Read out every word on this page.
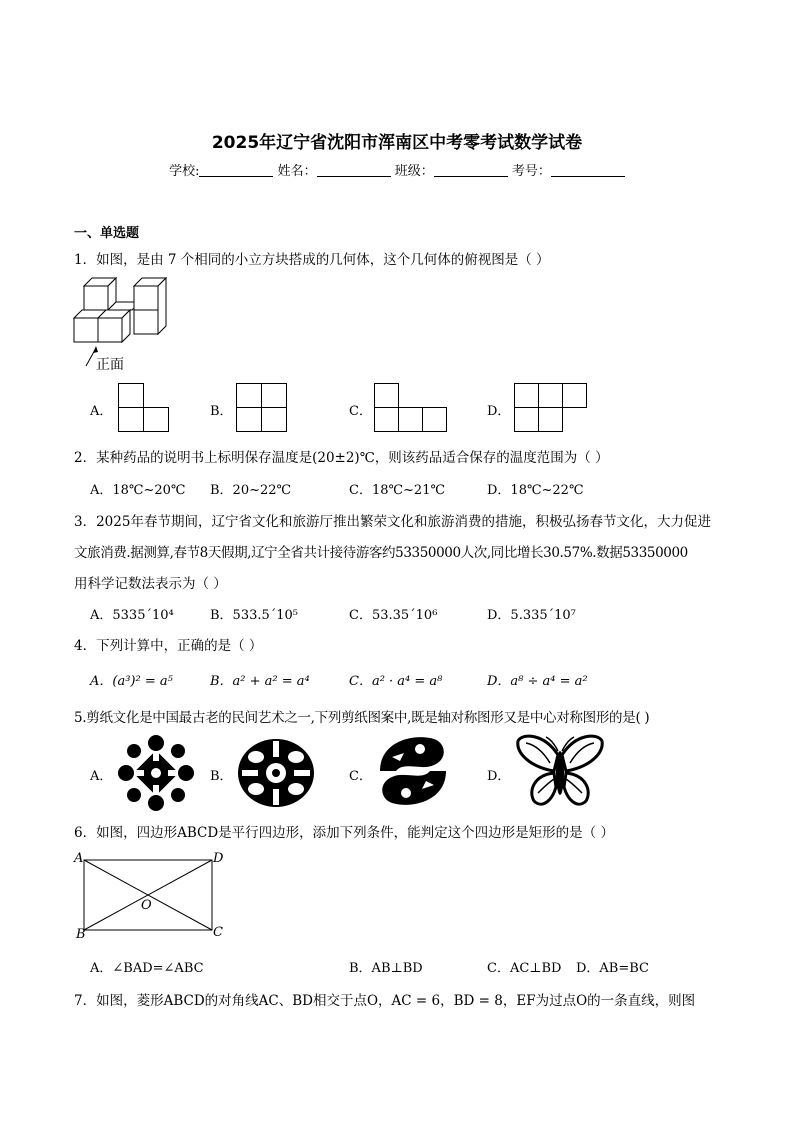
2025年辽宁省沈阳市浑南区中考零考试数学试卷
学校:	姓名：	班级：	考号：
一、单选题
1．如图，是由 7 个相同的小立方块搭成的几何体，这个几何体的俯视图是（ ）
正面
A．	B．	C．	D．
2．某种药品的说明书上标明保存温度是(20±2)℃，则该药品适合保存的温度范围为（ ）
A．18℃~20℃ B．20~22℃	C．18℃~21℃	D．18℃~22℃
3．2025年春节期间，辽宁省文化和旅游厅推出繁荣文化和旅游消费的措施，积极弘扬春节文化，大力促进
文旅消费.据测算,春节8天假期,辽宁全省共计接待游客约53350000人次,同比增长30.57%.数据53350000
用科学记数法表示为（ ）
A．5335´10⁴	B．533.5´10⁵	C．53.35´10⁶	D．5.335´10⁷
4．下列计算中，正确的是（ ）
A．(a³)² = a⁵	B．a² + a² = a⁴	C．a² · a⁴ = a⁸	D．a⁸ ÷ a⁴ = a²
5.剪纸文化是中国最古老的民间艺术之一,下列剪纸图案中,既是轴对称图形又是中心对称图形的是( )
A．	B．	C．	D．
6．如图，四边形ABCD是平行四边形，添加下列条件，能判定这个四边形是矩形的是（ ）
A	D
B	C
O
A．∠BAD=∠ABC	B．AB⊥BD	C．AC⊥BD D．AB=BC
7．如图，菱形ABCD的对角线AC、BD相交于点O，AC = 6，BD = 8，EF为过点O的一条直线，则图
